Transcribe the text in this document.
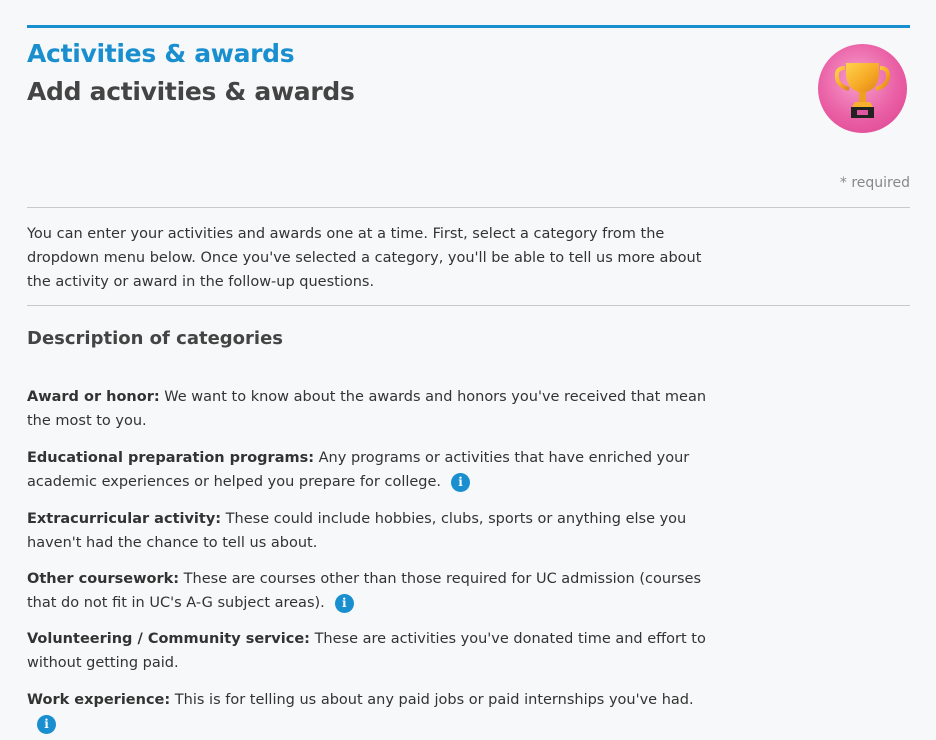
Activities & awards
Add activities & awards
* required
You can enter your activities and awards one at a time. First, select a category from the dropdown menu below. Once you've selected a category, you'll be able to tell us more about the activity or award in the follow-up questions.
Description of categories
Award or honor: We want to know about the awards and honors you've received that mean the most to you.
Educational preparation programs: Any programs or activities that have enriched your academic experiences or helped you prepare for college. i
Extracurricular activity: These could include hobbies, clubs, sports or anything else you haven't had the chance to tell us about.
Other coursework: These are courses other than those required for UC admission (courses that do not fit in UC's A-G subject areas). i
Volunteering / Community service: These are activities you've donated time and effort to without getting paid.
Work experience: This is for telling us about any paid jobs or paid internships you've had.i
